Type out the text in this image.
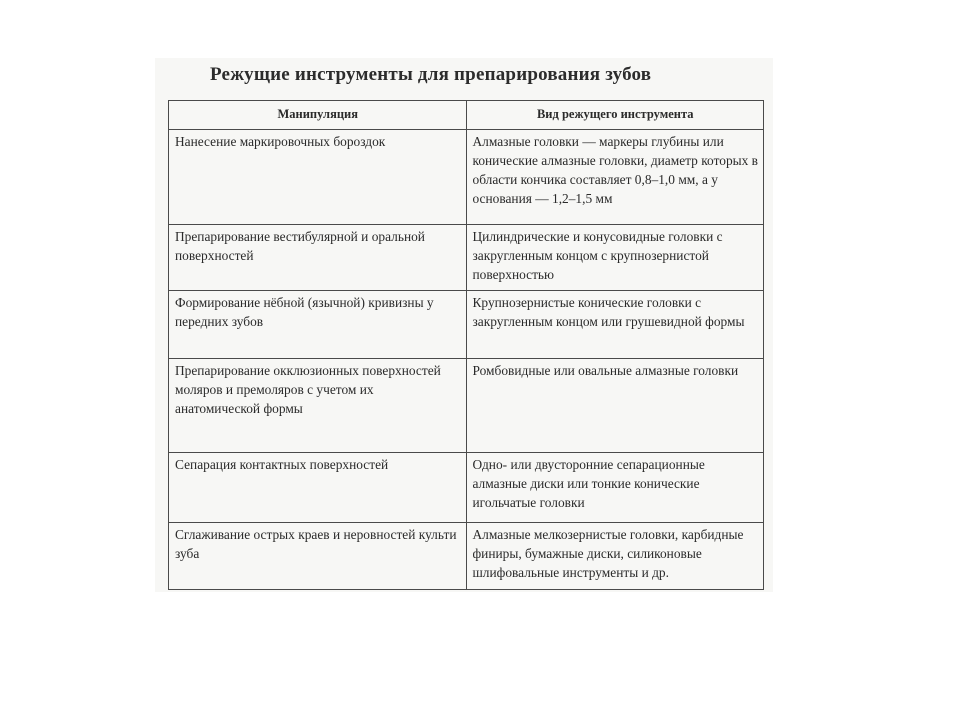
Режущие инструменты для препарирования зубов
Манипуляция	Вид режущего инструмента
Нанесение маркировочных бороздок	Алмазные головки — маркеры глубины или конические алмазные головки, диаметр которых в области кончика составляет 0,8–1,0 мм, а у основания — 1,2–1,5 мм
Препарирование вестибулярной и оральной поверхностей	Цилиндрические и конусовидные головки с закругленным концом с крупнозернистой поверхностью
Формирование нёбной (язычной) кривизны у передних зубов	Крупнозернистые конические головки с закругленным концом или грушевидной формы
Препарирование окклюзионных поверхностей моляров и премоляров с учетом их анатомической формы	Ромбовидные или овальные алмазные головки
Сепарация контактных поверхностей	Одно- или двусторонние сепарационные алмазные диски или тонкие конические игольчатые головки
Сглаживание острых краев и неровностей культи зуба	Алмазные мелкозернистые головки, карбидные финиры, бумажные диски, силиконовые шлифовальные инструменты и др.
